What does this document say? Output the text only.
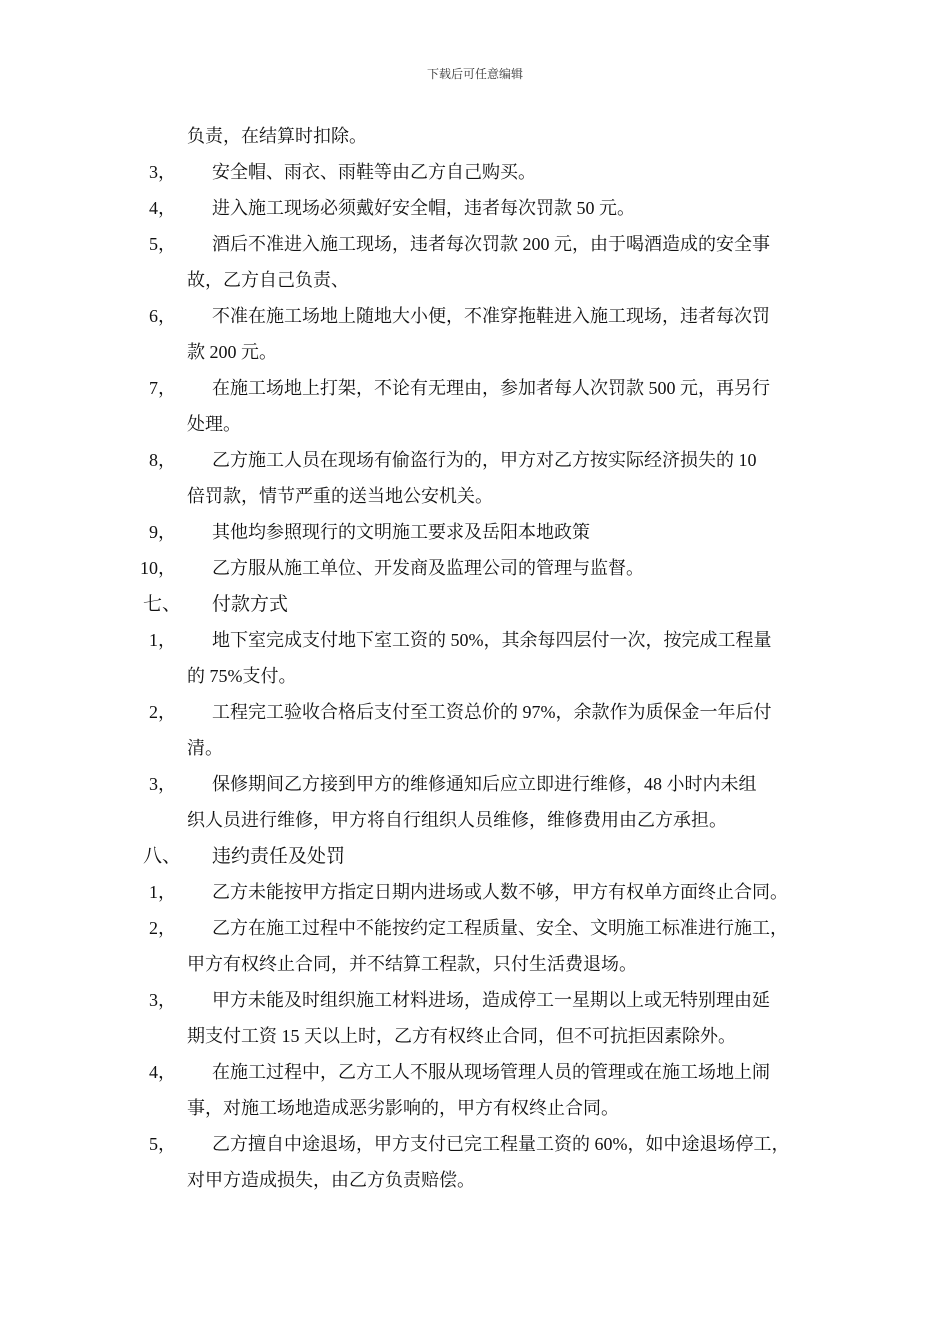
下载后可任意编辑
负责，在结算时扣除。
3， 安全帽、雨衣、雨鞋等由乙方自己购买。
4， 进入施工现场必须戴好安全帽，违者每次罚款 50 元。
5， 酒后不准进入施工现场，违者每次罚款 200 元，由于喝酒造成的安全事
故，乙方自己负责、
6， 不准在施工场地上随地大小便，不准穿拖鞋进入施工现场，违者每次罚
款 200 元。
7， 在施工场地上打架，不论有无理由，参加者每人次罚款 500 元，再另行
处理。
8， 乙方施工人员在现场有偷盗行为的，甲方对乙方按实际经济损失的 10
倍罚款，情节严重的送当地公安机关。
9， 其他均参照现行的文明施工要求及岳阳本地政策
10， 乙方服从施工单位、开发商及监理公司的管理与监督。
七、 付款方式
1， 地下室完成支付地下室工资的 50%，其余每四层付一次，按完成工程量
的 75%支付。
2， 工程完工验收合格后支付至工资总价的 97%，余款作为质保金一年后付
清。
3， 保修期间乙方接到甲方的维修通知后应立即进行维修，48 小时内未组
织人员进行维修，甲方将自行组织人员维修，维修费用由乙方承担。
八、 违约责任及处罚
1， 乙方未能按甲方指定日期内进场或人数不够，甲方有权单方面终止合同。
2， 乙方在施工过程中不能按约定工程质量、安全、文明施工标准进行施工，
甲方有权终止合同，并不结算工程款，只付生活费退场。
3， 甲方未能及时组织施工材料进场，造成停工一星期以上或无特别理由延
期支付工资 15 天以上时，乙方有权终止合同，但不可抗拒因素除外。
4， 在施工过程中，乙方工人不服从现场管理人员的管理或在施工场地上闹
事，对施工场地造成恶劣影响的，甲方有权终止合同。
5， 乙方擅自中途退场，甲方支付已完工程量工资的 60%，如中途退场停工，
对甲方造成损失，由乙方负责赔偿。
